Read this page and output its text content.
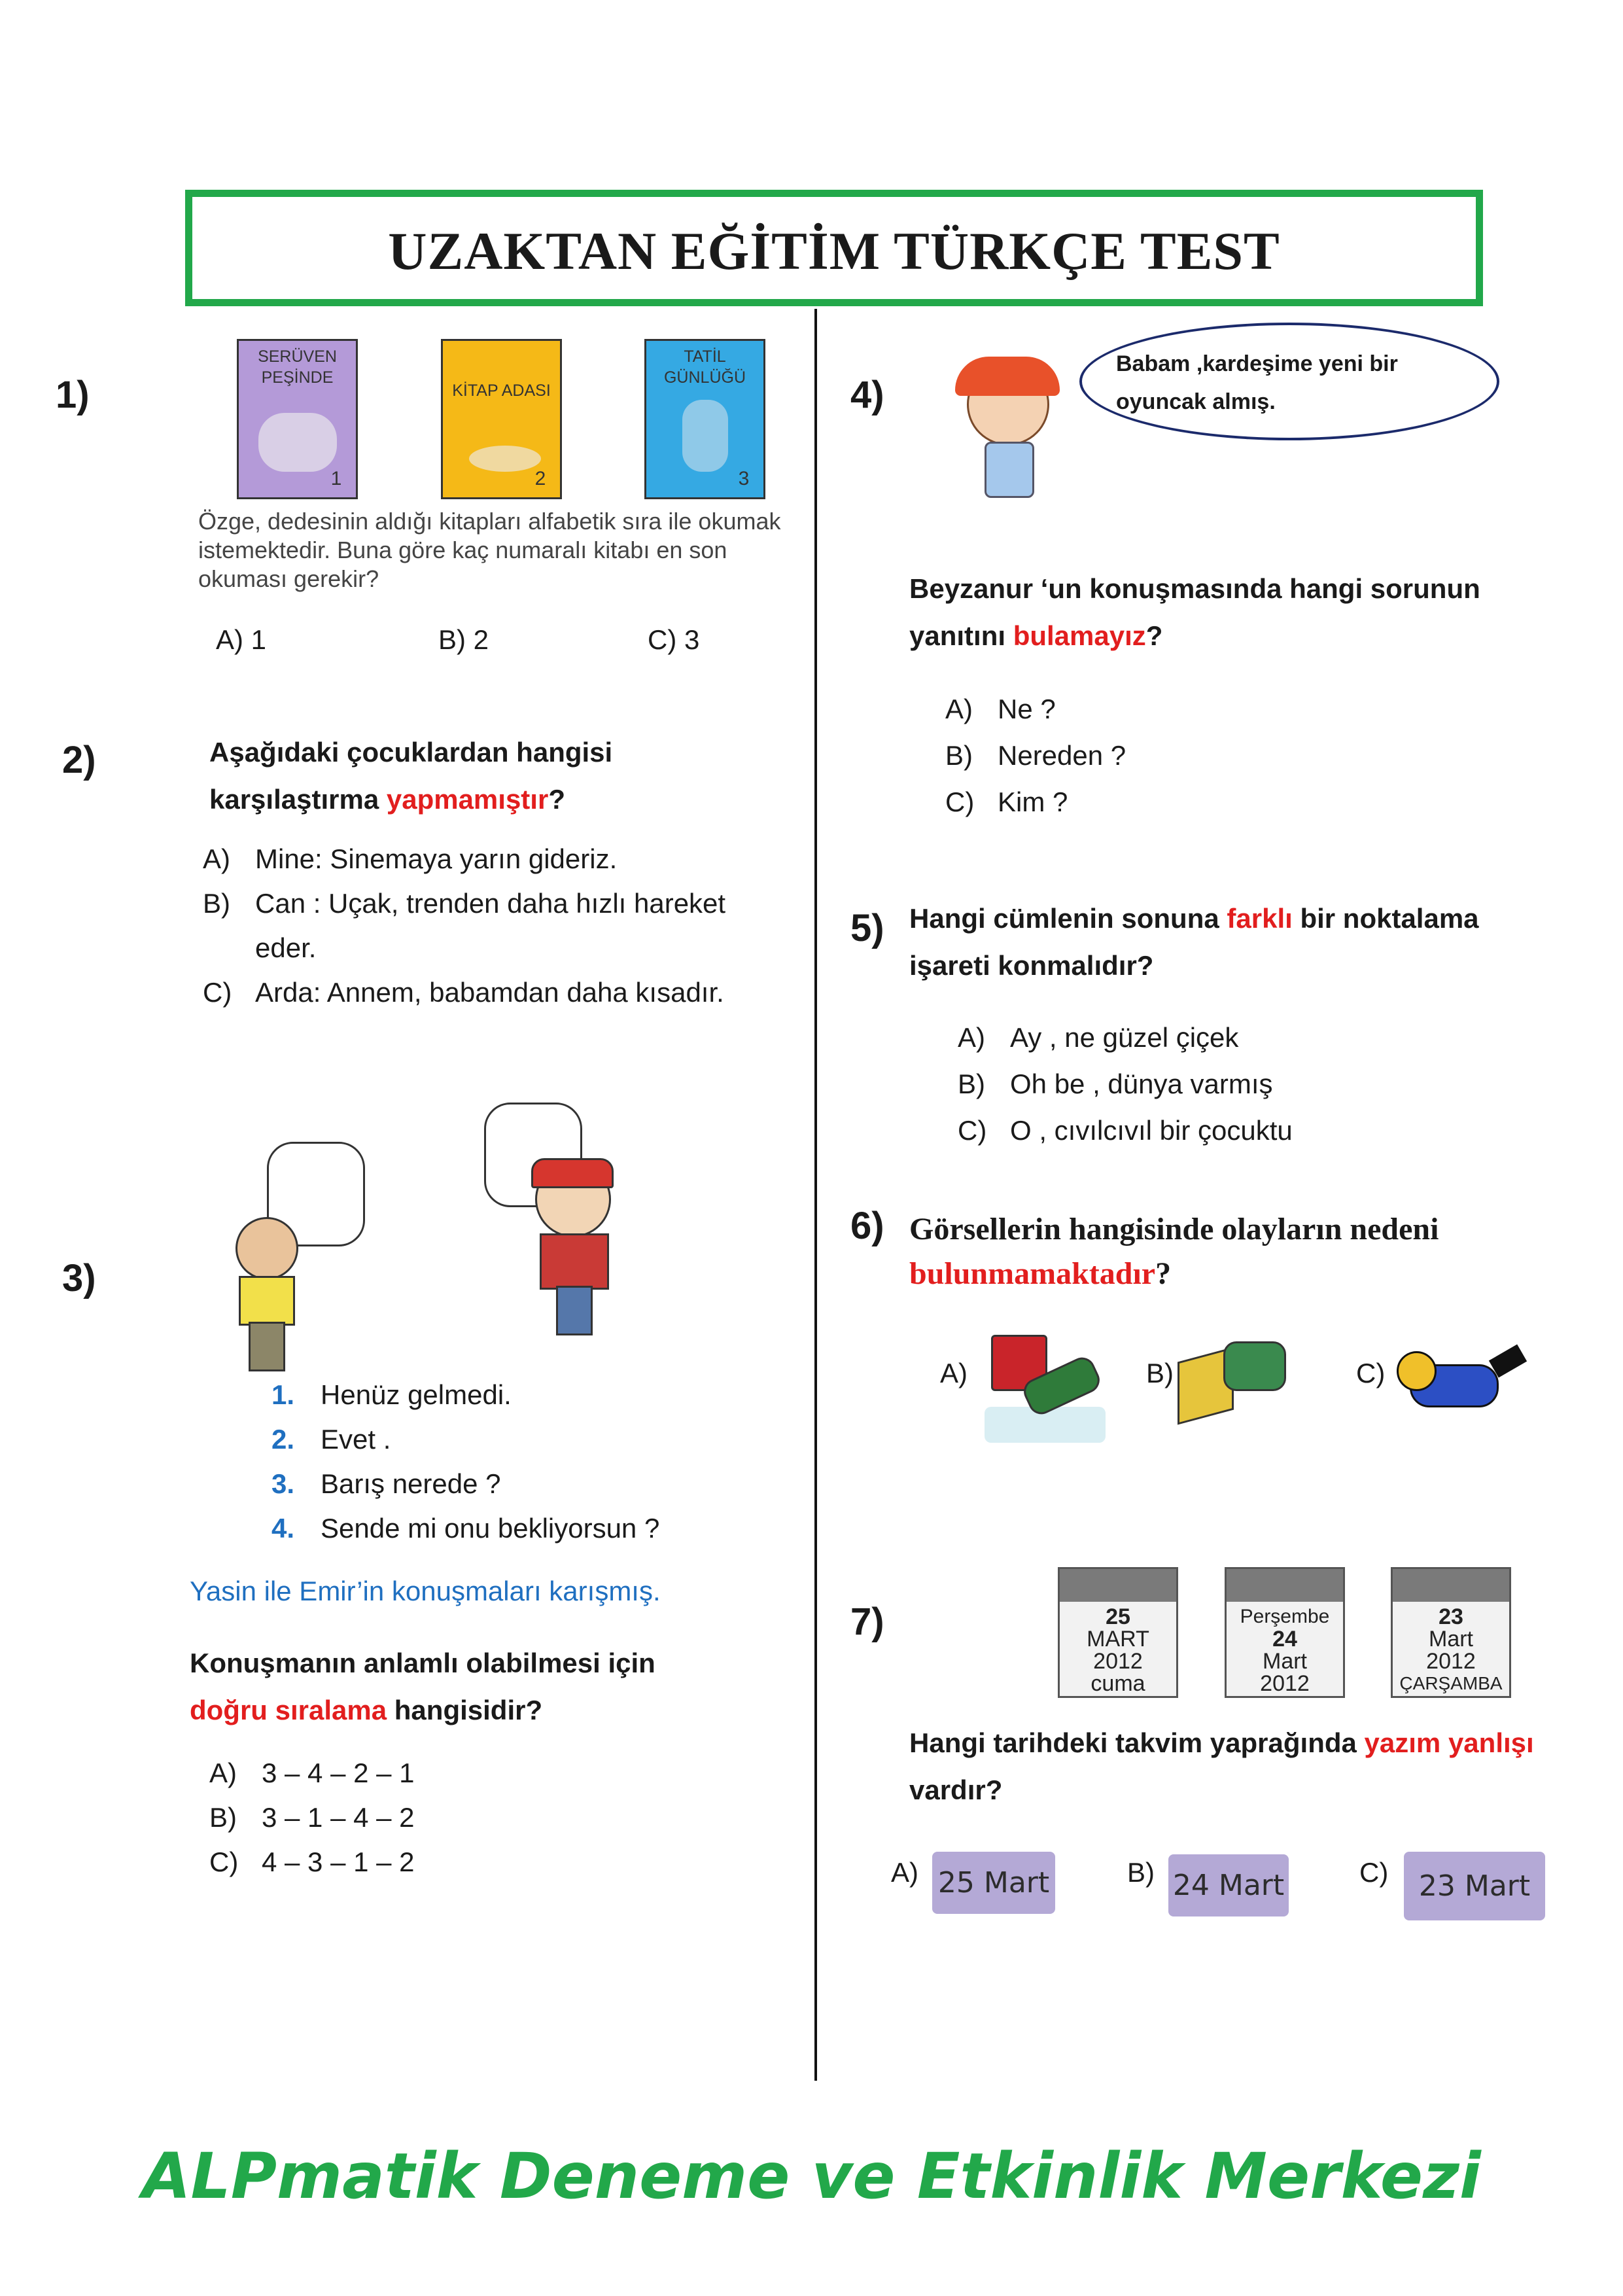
UZAKTAN EĞİTİM TÜRKÇE TEST
1)
SERÜVEN
PEŞİNDE
1
KİTAP ADASI
2
TATİL
GÜNLÜĞÜ
3
Özge, dedesinin aldığı kitapları alfabetik sıra ile okumak istemektedir. Buna göre kaç numaralı kitabı en son okuması gerekir?
A) 1	B) 2	C) 3
2)	Aşağıdaki çocuklardan hangisi
karşılaştırma yapmamıştır?
A) Mine: Sinemaya yarın gideriz.
B) Can : Uçak, trenden daha hızlı hareket
eder.
C) Arda: Annem, babamdan daha kısadır.
3)
1. Henüz gelmedi.
2. Evet .
3. Barış nerede ?
4. Sende mi onu bekliyorsun ?
Yasin ile Emir’in konuşmaları karışmış.
Konuşmanın anlamlı olabilmesi için
doğru sıralama hangisidir?
A) 3 – 4 – 2 – 1
B) 3 – 1 – 4 – 2
C) 4 – 3 – 1 – 2
4)
Babam ,kardeşime yeni bir
oyuncak almış.
Beyzanur ‘un konuşmasında hangi sorunun
yanıtını bulamayız?
A) Ne ?
B) Nereden ?
C) Kim ?
5) Hangi cümlenin sonuna farklı bir noktalama
işareti konmalıdır?
A) Ay , ne güzel çiçek
B) Oh be , dünya varmış
C) O , cıvılcıvıl bir çocuktu
6) Görsellerin hangisinde olayların nedeni
bulunmamaktadır?
A)	B)	C)
7)	25
MART
2012
cuma
Perşembe
24
Mart
2012
23
Mart
2012
ÇARŞAMBA
Hangi tarihdeki takvim yaprağında yazım yanlışı
vardır?
A) 25 Mart	B) 24 Mart	C)	23 Mart
ALPmatik Deneme ve Etkinlik Merkezi
